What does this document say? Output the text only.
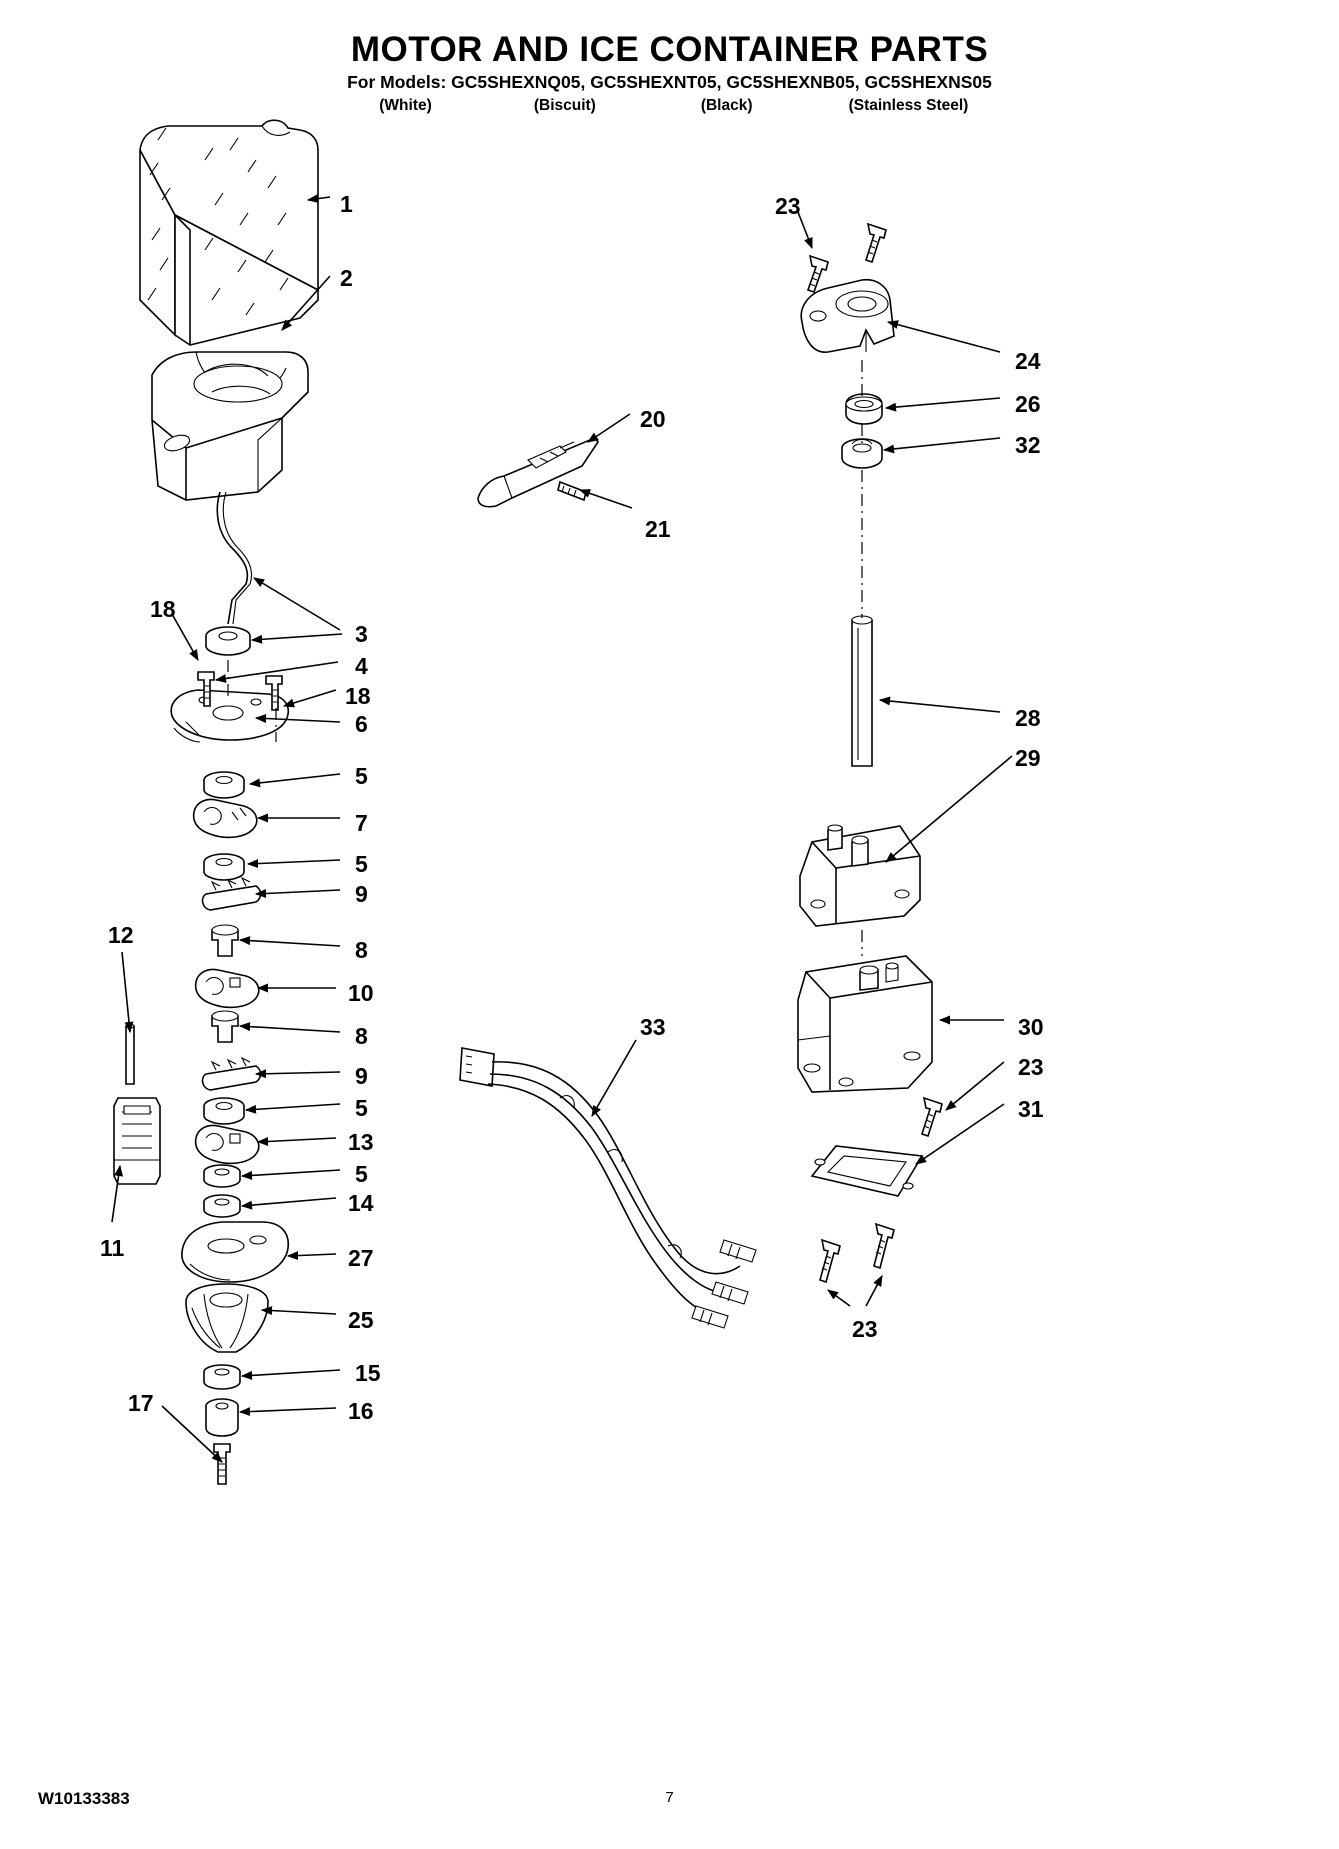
MOTOR AND ICE CONTAINER PARTS
For Models: GC5SHEXNQ05, GC5SHEXNT05, GC5SHEXNB05, GC5SHEXNS05
(White)	(Biscuit)	(Black)	(Stainless Steel)
1
2
3
4
18
6
5
7
5
9
8
10
8
9
5
13
5
14
27
25
15
16
17
18
12
11
20
21
33
23
24
26
32
28
29
30
23
31
23
W10133383	7
